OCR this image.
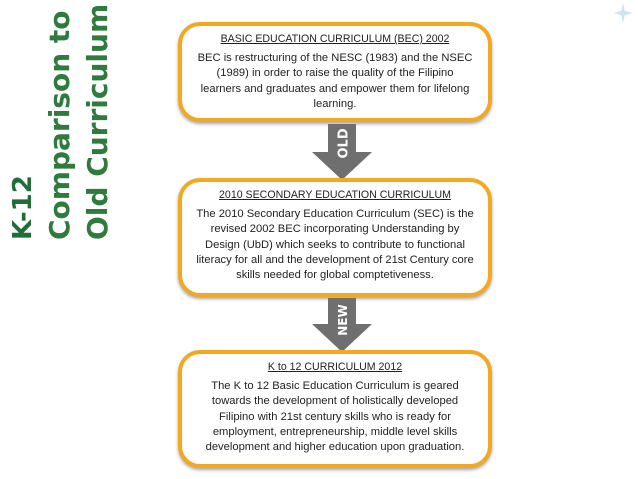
K-12 Comparison to Old Curriculum	BASIC EDUCATION CURRICULUM (BEC) 2002
BEC is restructuring of the NESC (1983) and the NSEC (1989) in order to raise the quality of the Filipino learners and graduates and empower them for lifelong learning.
OLD
2010 SECONDARY EDUCATION CURRICULUM
The 2010 Secondary Education Curriculum (SEC) is the revised 2002 BEC incorporating Understanding by Design (UbD) which seeks to contribute to functional literacy for all and the development of 21st Century core skills needed for global comptetiveness.
NEW
K to 12 CURRICULUM 2012
The K to 12 Basic Education Curriculum is geared towards the development of holistically developed Filipino with 21st century skills who is ready for employment, entrepreneurship, middle level skills development and higher education upon graduation.
